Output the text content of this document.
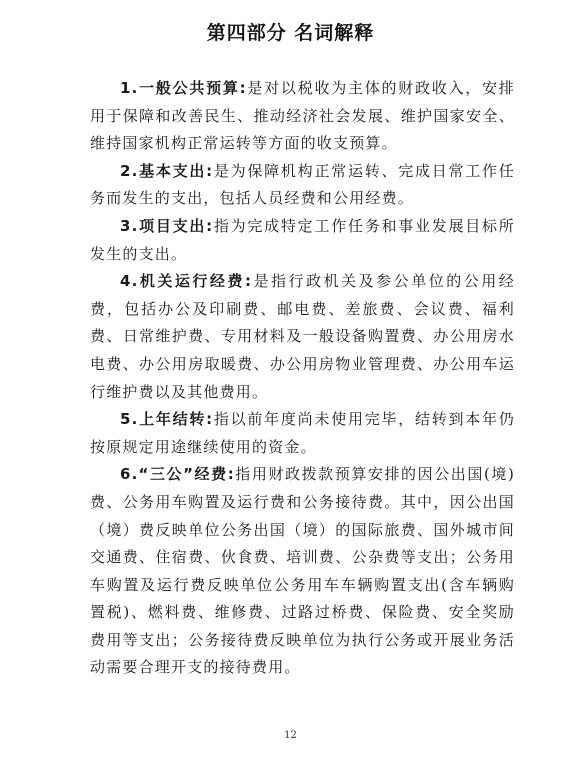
第四部分 名词解释

1.一般公共预算:是对以税收为主体的财政收入，安排用于保障和改善民生、推动经济社会发展、维护国家安全、维持国家机构正常运转等方面的收支预算。

2.基本支出:是为保障机构正常运转、完成日常工作任务而发生的支出，包括人员经费和公用经费。

3.项目支出:指为完成特定工作任务和事业发展目标所发生的支出。

4.机关运行经费:是指行政机关及参公单位的公用经费，包括办公及印刷费、邮电费、差旅费、会议费、福利费、日常维护费、专用材料及一般设备购置费、办公用房水电费、办公用房取暖费、办公用房物业管理费、办公用车运行维护费以及其他费用。

5.上年结转:指以前年度尚未使用完毕，结转到本年仍按原规定用途继续使用的资金。

6.“三公”经费:指用财政拨款预算安排的因公出国(境)费、公务用车购置及运行费和公务接待费。其中，因公出国（境）费反映单位公务出国（境）的国际旅费、国外城市间交通费、住宿费、伙食费、培训费、公杂费等支出；公务用车购置及运行费反映单位公务用车车辆购置支出(含车辆购置税)、燃料费、维修费、过路过桥费、保险费、安全奖励费用等支出；公务接待费反映单位为执行公务或开展业务活动需要合理开支的接待费用。

12
